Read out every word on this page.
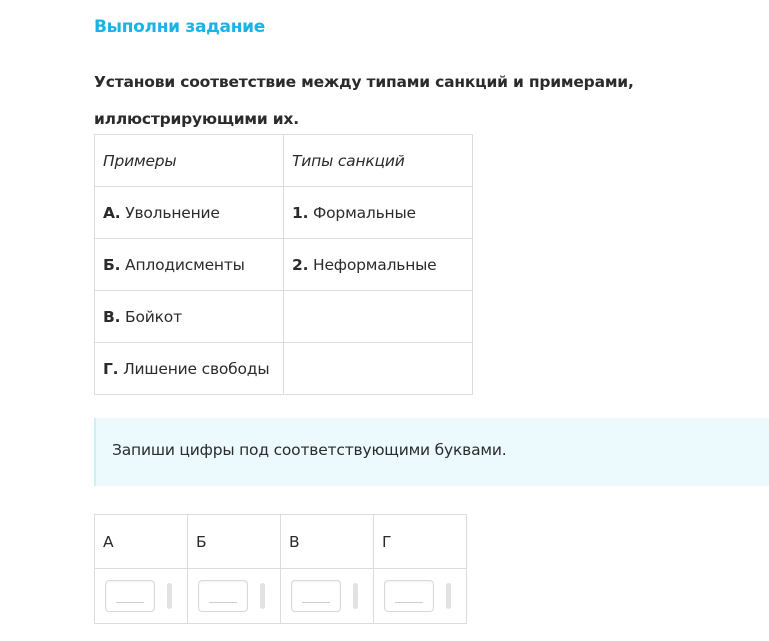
Выполни задание
Установи соответствие между типами санкций и примерами, иллюстрирующими их.
Примеры	Типы санкций
А. Увольнение	1. Формальные
Б. Аплодисменты	2. Неформальные
В. Бойкот	
Г. Лишение свободы	
Запиши цифры под соответствующими буквами.
А	Б	В	Г
